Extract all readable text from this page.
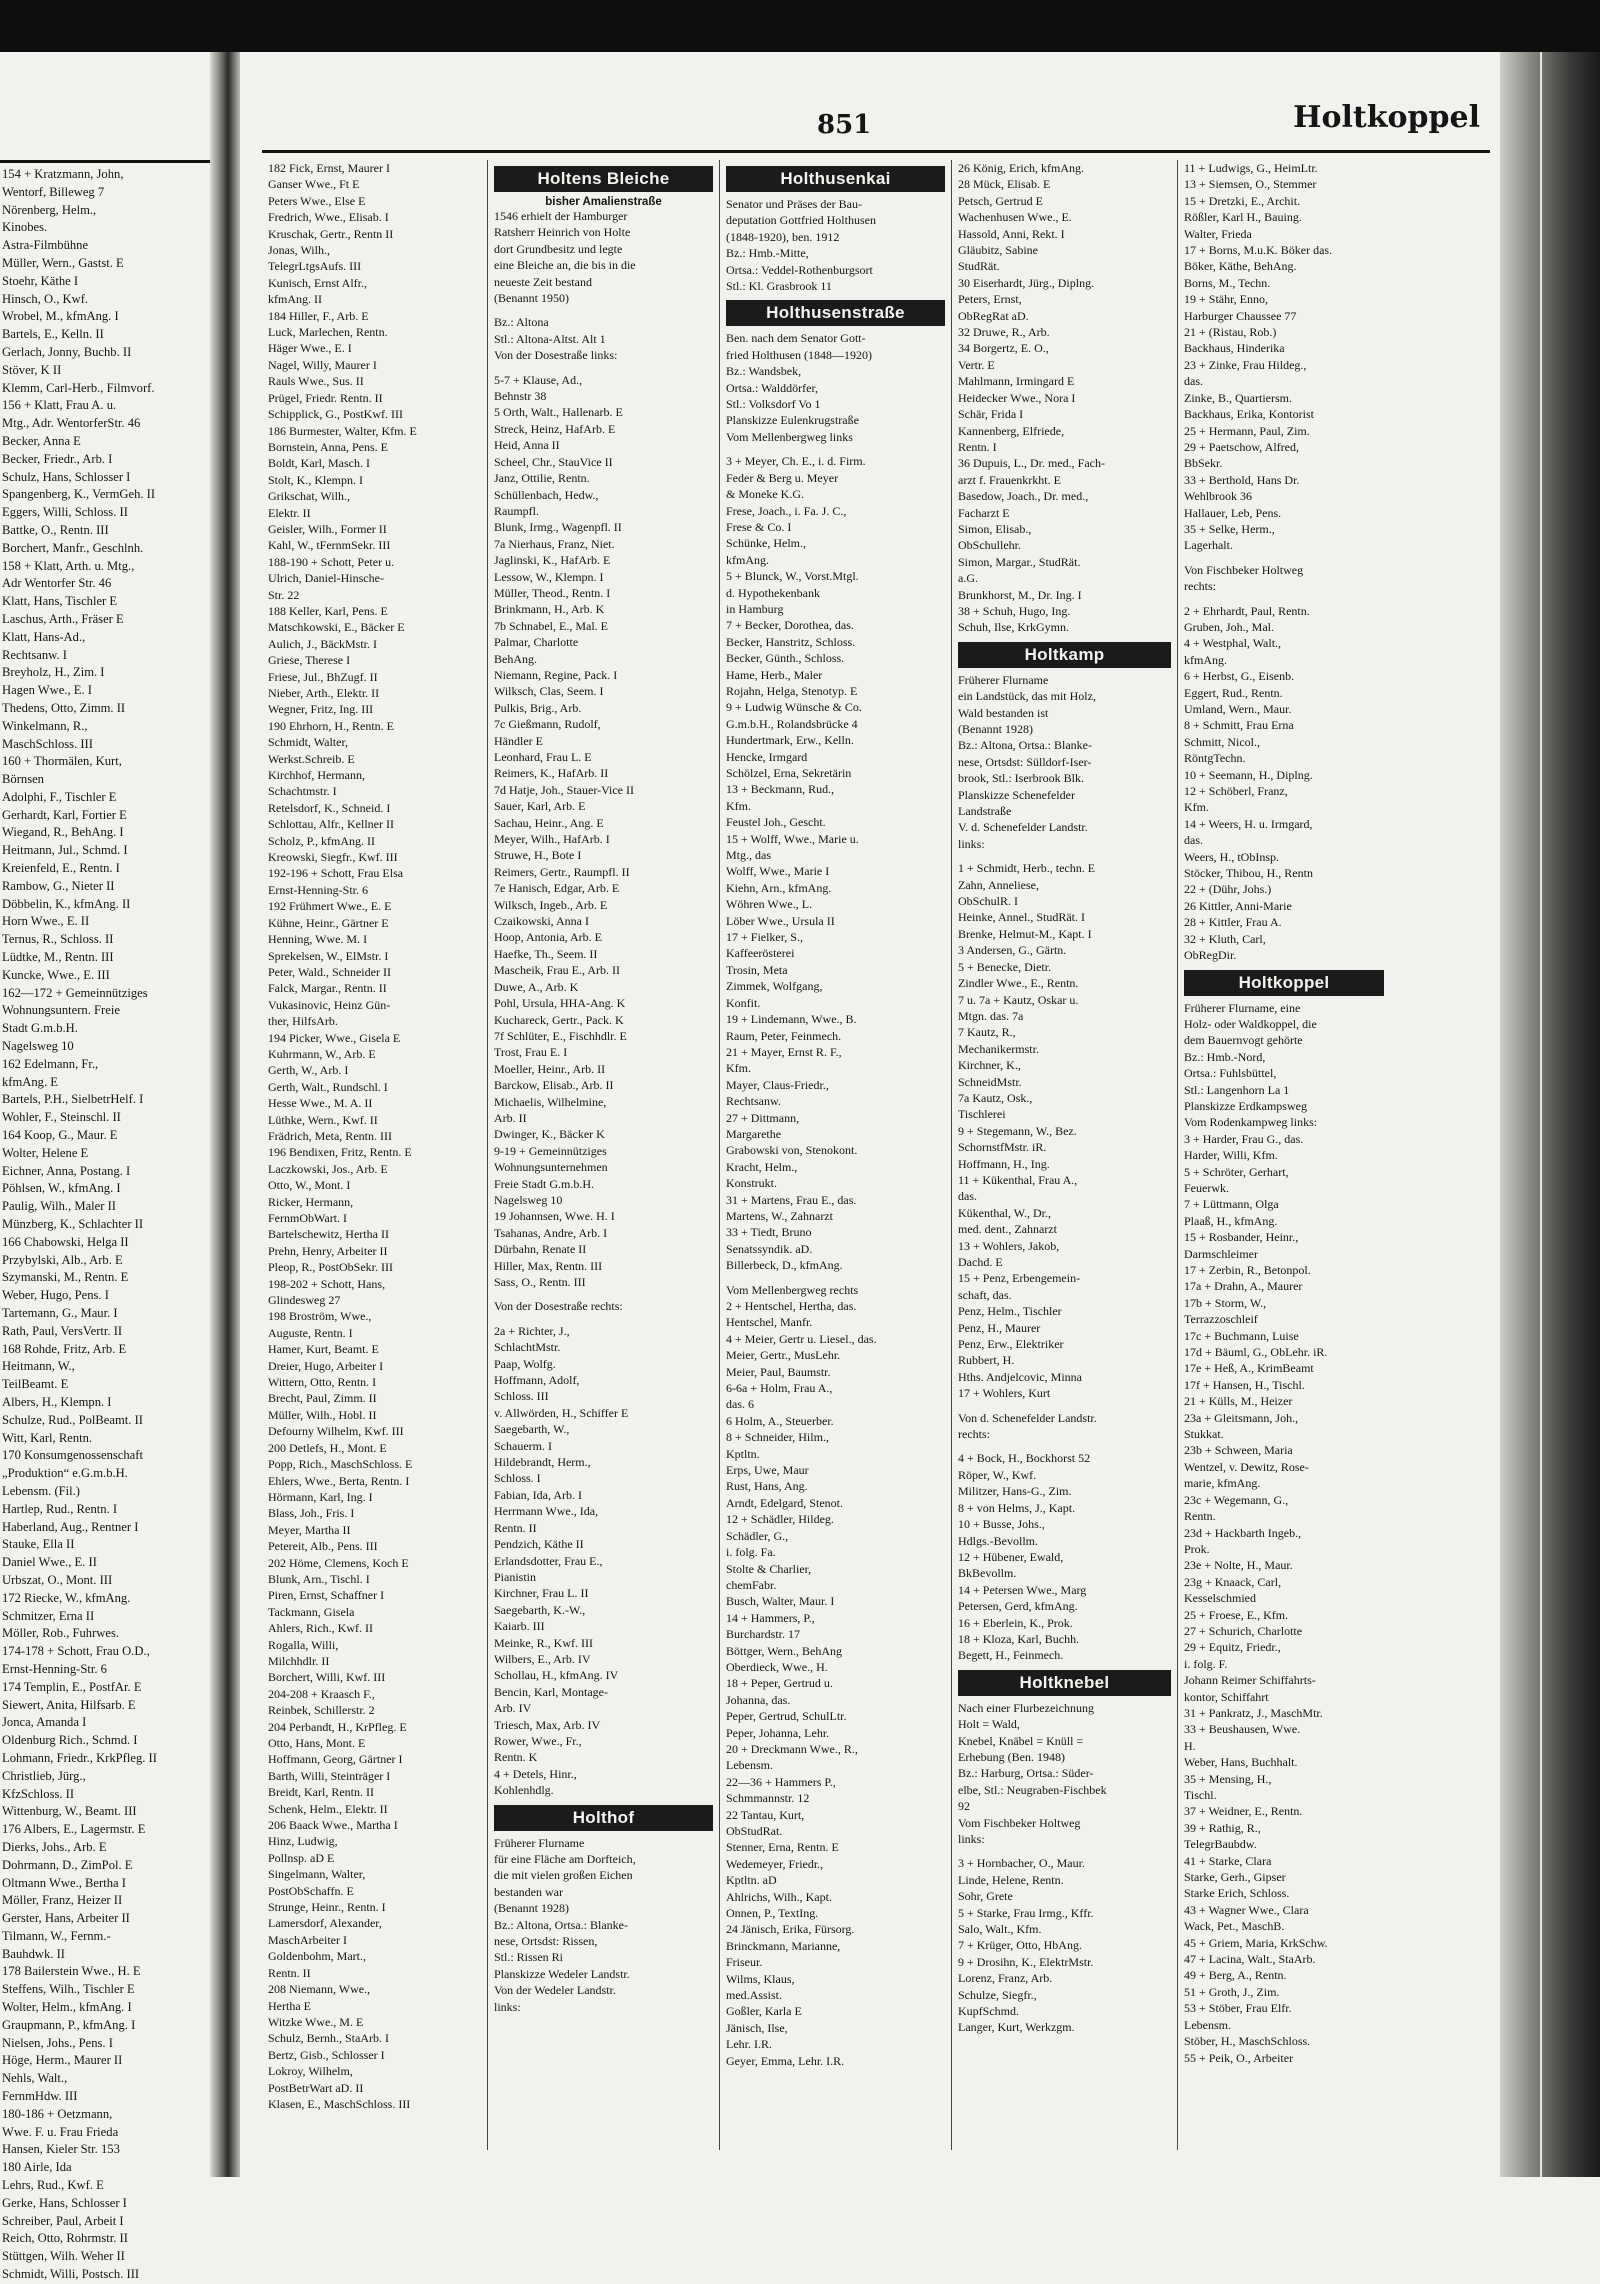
154 + Kratzmann, John,
Wentorf, Billeweg 7
Nörenberg, Helm.,
Kinobes.
Astra-Filmbühne
Müller, Wern., Gastst. E
Stoehr, Käthe I
Hinsch, O., Kwf.
Wrobel, M., kfmAng. I
Bartels, E., Kelln. II
Gerlach, Jonny, Buchb. II
Stöver, K II
Klemm, Carl-Herb., Filmvorf.
156 + Klatt, Frau A. u.
Mtg., Adr. WentorferStr. 46
Becker, Anna E
Becker, Friedr., Arb. I
Schulz, Hans, Schlosser I
Spangenberg, K., VermGeh. II
Eggers, Willi, Schloss. II
Battke, O., Rentn. III
Borchert, Manfr., Geschlnh.
158 + Klatt, Arth. u. Mtg.,
Adr Wentorfer Str. 46
Klatt, Hans, Tischler E
Laschus, Arth., Fräser E
Klatt, Hans-Ad.,
Rechtsanw. I
Breyholz, H., Zim. I
Hagen Wwe., E. I
Thedens, Otto, Zimm. II
Winkelmann, R.,
MaschSchloss. III
160 + Thormälen, Kurt,
Börnsen
Adolphi, F., Tischler E
Gerhardt, Karl, Fortier E
Wiegand, R., BehAng. I
Heitmann, Jul., Schmd. I
Kreienfeld, E., Rentn. I
Rambow, G., Nieter II
Döbbelin, K., kfmAng. II
Horn Wwe., E. II
Ternus, R., Schloss. II
Lüdtke, M., Rentn. III
Kuncke, Wwe., E. III
162—172 + Gemeinnütziges
Wohnungsuntern. Freie
Stadt G.m.b.H.
Nagelsweg 10
162 Edelmann, Fr.,
kfmAng. E
Bartels, P.H., SielbetrHelf. I
Wohler, F., Steinschl. II
164 Koop, G., Maur. E
Wolter, Helene E
Eichner, Anna, Postang. I
Pöhlsen, W., kfmAng. I
Paulig, Wilh., Maler II
Münzberg, K., Schlachter II
166 Chabowski, Helga II
Przybylski, Alb., Arb. E
Szymanski, M., Rentn. E
Weber, Hugo, Pens. I
Tartemann, G., Maur. I
Rath, Paul, VersVertr. II
168 Rohde, Fritz, Arb. E
Heitmann, W.,
TeilBeamt. E
Albers, H., Klempn. I
Schulze, Rud., PolBeamt. II
Witt, Karl, Rentn.
170 Konsumgenossenschaft
„Produktion“ e.G.m.b.H.
Lebensm. (Fil.)
Hartlep, Rud., Rentn. I
Haberland, Aug., Rentner I
Stauke, Ella II
Daniel Wwe., E. II
Urbszat, O., Mont. III
172 Riecke, W., kfmAng.
Schmitzer, Erna II
Möller, Rob., Fuhrwes.
174-178 + Schott, Frau O.D.,
Ernst-Henning-Str. 6
174 Templin, E., PostfAr. E
Siewert, Anita, Hilfsarb. E
Jonca, Amanda I
Oldenburg Rich., Schmd. I
Lohmann, Friedr., KrkPfleg. II
Christlieb, Jürg.,
KfzSchloss. II
Wittenburg, W., Beamt. III
176 Albers, E., Lagermstr. E
Dierks, Johs., Arb. E
Dohrmann, D., ZimPol. E
Oltmann Wwe., Bertha I
Möller, Franz, Heizer II
Gerster, Hans, Arbeiter II
Tilmann, W., Fernm.-
Bauhdwk. II
178 Bailerstein Wwe., H. E
Steffens, Wilh., Tischler E
Wolter, Helm., kfmAng. I
Graupmann, P., kfmAng. I
Nielsen, Johs., Pens. I
Höge, Herm., Maurer II
Nehls, Walt.,
FernmHdw. III
180-186 + Oetzmann,
Wwe. F. u. Frau Frieda
Hansen, Kieler Str. 153
180 Airle, Ida
Lehrs, Rud., Kwf. E
Gerke, Hans, Schlosser I
Schreiber, Paul, Arbeit I
Reich, Otto, Rohrmstr. II
Stüttgen, Wilh. Weher II
Schmidt, Willi, Postsch. III
851	Holtkoppel
182 Fick, Ernst, Maurer I
Ganser Wwe., Ft E
Peters Wwe., Else E
Fredrich, Wwe., Elisab. I
Kruschak, Gertr., Rentn II
Jonas, Wilh.,
TelegrLtgsAufs. III
Kunisch, Ernst Alfr.,
kfmAng. II
184 Hiller, F., Arb. E
Luck, Marlechen, Rentn.
Häger Wwe., E. I
Nagel, Willy, Maurer I
Rauls Wwe., Sus. II
Prügel, Friedr. Rentn. II
Schipplick, G., PostKwf. III
186 Burmester, Walter, Kfm. E
Bornstein, Anna, Pens. E
Boldt, Karl, Masch. I
Stolt, K., Klempn. I
Grikschat, Wilh.,
Elektr. II
Geisler, Wilh., Former II
Kahl, W., tFernmSekr. III
188-190 + Schott, Peter u.
Ulrich, Daniel-Hinsche-
Str. 22
188 Keller, Karl, Pens. E
Matschkowski, E., Bäcker E
Aulich, J., BäckMstr. I
Griese, Therese I
Friese, Jul., BhZugf. II
Nieber, Arth., Elektr. II
Wegner, Fritz, Ing. III
190 Ehrhorn, H., Rentn. E
Schmidt, Walter,
Werkst.Schreib. E
Kirchhof, Hermann,
Schachtmstr. I
Retelsdorf, K., Schneid. I
Schlottau, Alfr., Kellner II
Scholz, P., kfmAng. II
Kreowski, Siegfr., Kwf. III
192-196 + Schott, Frau Elsa
Ernst-Henning-Str. 6
192 Frühmert Wwe., E. E
Kühne, Heinr., Gärtner E
Henning, Wwe. M. I
Sprekelsen, W., ElMstr. I
Peter, Wald., Schneider II
Falck, Margar., Rentn. II
Vukasinovic, Heinz Gün-
ther, HilfsArb.
194 Picker, Wwe., Gisela E
Kuhrmann, W., Arb. E
Gerth, W., Arb. I
Gerth, Walt., Rundschl. I
Hesse Wwe., M. A. II
Lüthke, Wern., Kwf. II
Frädrich, Meta, Rentn. III
196 Bendixen, Fritz, Rentn. E
Laczkowski, Jos., Arb. E
Otto, W., Mont. I
Ricker, Hermann,
FernmObWart. I
Bartelschewitz, Hertha II
Prehn, Henry, Arbeiter II
Pleop, R., PostObSekr. III
198-202 + Schott, Hans,
Glindesweg 27
198 Broström, Wwe.,
Auguste, Rentn. I
Hamer, Kurt, Beamt. E
Dreier, Hugo, Arbeiter I
Wittern, Otto, Rentn. I
Brecht, Paul, Zimm. II
Müller, Wilh., Hobl. II
Defourny Wilhelm, Kwf. III
200 Detlefs, H., Mont. E
Popp, Rich., MaschSchloss. E
Ehlers, Wwe., Berta, Rentn. I
Hörmann, Karl, Ing. I
Blass, Joh., Fris. I
Meyer, Martha II
Petereit, Alb., Pens. III
202 Höme, Clemens, Koch E
Blunk, Arn., Tischl. I
Piren, Ernst, Schaffner I
Tackmann, Gisela
Ahlers, Rich., Kwf. II
Rogalla, Willi,
Milchhdlr. II
Borchert, Willi, Kwf. III
204-208 + Kraasch F.,
Reinbek, Schillerstr. 2
204 Perbandt, H., KrPfleg. E
Otto, Hans, Mont. E
Hoffmann, Georg, Gärtner I
Barth, Willi, Steinträger I
Breidt, Karl, Rentn. II
Schenk, Helm., Elektr. II
206 Baack Wwe., Martha I
Hinz, Ludwig,
Pollnsp. aD E
Singelmann, Walter,
PostObSchaffn. E
Strunge, Heinr., Rentn. I
Lamersdorf, Alexander,
MaschArbeiter I
Goldenbohm, Mart.,
Rentn. II
208 Niemann, Wwe.,
Hertha E
Witzke Wwe., M. E
Schulz, Bernh., StaArb. I
Bertz, Gisb., Schlosser I
Lokroy, Wilhelm,
PostBetrWart aD. II
Klasen, E., MaschSchloss. III
Holtens Bleiche
bisher Amalienstraße
1546 erhielt der Hamburger
Ratsherr Heinrich von Holte
dort Grundbesitz und legte
eine Bleiche an, die bis in die
neueste Zeit bestand
(Benannt 1950)

Bz.: Altona
Stl.: Altona-Altst. Alt 1
Von der Dosestraße links:

5-7 + Klause, Ad.,
Behnstr 38
5 Orth, Walt., Hallenarb. E
Streck, Heinz, HafArb. E
Heid, Anna II
Scheel, Chr., StauVice II
Janz, Ottilie, Rentn.
Schüllenbach, Hedw.,
Raumpfl.
Blunk, Irmg., Wagenpfl. II
7a Nierhaus, Franz, Niet.
Jaglinski, K., HafArb. E
Lessow, W., Klempn. I
Müller, Theod., Rentn. I
Brinkmann, H., Arb. K
7b Schnabel, E., Mal. E
Palmar, Charlotte
BehAng.
Niemann, Regine, Pack. I
Wilksch, Clas, Seem. I
Pulkis, Brig., Arb.
7c Gießmann, Rudolf,
Händler E
Leonhard, Frau L. E
Reimers, K., HafArb. II
7d Hatje, Joh., Stauer-Vice II
Sauer, Karl, Arb. E
Sachau, Heinr., Ang. E
Meyer, Wilh., HafArb. I
Struwe, H., Bote I
Reimers, Gertr., Raumpfl. II
7e Hanisch, Edgar, Arb. E
Wilksch, Ingeb., Arb. E
Czaikowski, Anna I
Hoop, Antonia, Arb. E
Haefke, Th., Seem. II
Mascheik, Frau E., Arb. II
Duwe, A., Arb. K
Pohl, Ursula, HHA-Ang. K
Kuchareck, Gertr., Pack. K
7f Schlüter, E., Fischhdlr. E
Trost, Frau E. I
Moeller, Heinr., Arb. II
Barckow, Elisab., Arb. II
Michaelis, Wilhelmine,
Arb. II
Dwinger, K., Bäcker K
9-19 + Gemeinnütziges
Wohnungsunternehmen
Freie Stadt G.m.b.H.
Nagelsweg 10
19 Johannsen, Wwe. H. I
Tsahanas, Andre, Arb. I
Dürbahn, Renate II
Hiller, Max, Rentn. III
Sass, O., Rentn. III

Von der Dosestraße rechts:

2a + Richter, J.,
SchlachtMstr.
Paap, Wolfg.
Hoffmann, Adolf,
Schloss. III
v. Allwörden, H., Schiffer E
Saegebarth, W.,
Schauerm. I
Hildebrandt, Herm.,
Schloss. I
Fabian, Ida, Arb. I
Herrmann Wwe., Ida,
Rentn. II
Pendzich, Käthe II
Erlandsdotter, Frau E.,
Pianistin
Kirchner, Frau L. II
Saegebarth, K.-W.,
Kaiarb. III
Meinke, R., Kwf. III
Wilbers, E., Arb. IV
Schollau, H., kfmAng. IV
Bencin, Karl, Montage-
Arb. IV
Triesch, Max, Arb. IV
Rower, Wwe., Fr.,
Rentn. K
4 + Detels, Hinr.,
Kohlenhdlg.
Holthof
Früherer Flurname
für eine Fläche am Dorfteich,
die mit vielen großen Eichen
bestanden war
(Benannt 1928)
Bz.: Altona, Ortsa.: Blanke-
nese, Ortsdst: Rissen,
Stl.: Rissen Ri
Planskizze Wedeler Landstr.
Von der Wedeler Landstr.
links:
Holthusenkai
Senator und Präses der Bau-
deputation Gottfried Holthusen
(1848-1920), ben. 1912
Bz.: Hmb.-Mitte,
Ortsa.: Veddel-Rothenburgsort
Stl.: Kl. Grasbrook 11
Holthusenstraße
Ben. nach dem Senator Gott-
fried Holthusen (1848—1920)
Bz.: Wandsbek,
Ortsa.: Walddörfer,
Stl.: Volksdorf Vo 1
Planskizze Eulenkrugstraße
Vom Mellenbergweg links

3 + Meyer, Ch. E., i. d. Firm.
Feder & Berg u. Meyer
& Moneke K.G.
Frese, Joach., i. Fa. J. C.,
Frese & Co. I
Schünke, Helm.,
kfmAng.
5 + Blunck, W., Vorst.Mtgl.
d. Hypothekenbank
in Hamburg
7 + Becker, Dorothea, das.
Becker, Hanstritz, Schloss.
Becker, Günth., Schloss.
Hame, Herb., Maler
Rojahn, Helga, Stenotyp. E
9 + Ludwig Wünsche & Co.
G.m.b.H., Rolandsbrücke 4
Hundertmark, Erw., Kelln.
Hencke, Irmgard
Schölzel, Erna, Sekretärin
13 + Beckmann, Rud.,
Kfm.
Feustel Joh., Gescht.
15 + Wolff, Wwe., Marie u.
Mtg., das
Wolff, Wwe., Marie I
Kiehn, Arn., kfmAng.
Wöhren Wwe., L.
Löber Wwe., Ursula II
17 + Fielker, S.,
Kaffeerösterei
Trosin, Meta
Zimmek, Wolfgang,
Konfit.
19 + Lindemann, Wwe., B.
Raum, Peter, Feinmech.
21 + Mayer, Ernst R. F.,
Kfm.
Mayer, Claus-Friedr.,
Rechtsanw.
27 + Dittmann,
Margarethe
Grabowski von, Stenokont.
Kracht, Helm.,
Konstrukt.
31 + Martens, Frau E., das.
Martens, W., Zahnarzt
33 + Tiedt, Bruno
Senatssyndik. aD.
Billerbeck, D., kfmAng.

Vom Mellenbergweg rechts
2 + Hentschel, Hertha, das.
Hentschel, Manfr.
4 + Meier, Gertr u. Liesel., das.
Meier, Gertr., MusLehr.
Meier, Paul, Baumstr.
6-6a + Holm, Frau A.,
das. 6
6 Holm, A., Steuerber.
8 + Schneider, Hilm.,
Kptltn.
Erps, Uwe, Maur
Rust, Hans, Ang.
Arndt, Edelgard, Stenot.
12 + Schädler, Hildeg.
Schädler, G.,
i. folg. Fa.
Stolte & Charlier,
chemFabr.
Busch, Walter, Maur. I
14 + Hammers, P.,
Burchardstr. 17
Böttger, Wern., BehAng
Oberdieck, Wwe., H.
18 + Peper, Gertrud u.
Johanna, das.
Peper, Gertrud, SchulLtr.
Peper, Johanna, Lehr.
20 + Dreckmann Wwe., R.,
Lebensm.
22—36 + Hammers P.,
Schmmannstr. 12
22 Tantau, Kurt,
ObStudRat.
Stenner, Erna, Rentn. E
Wedemeyer, Friedr.,
Kptltn. aD
Ahlrichs, Wilh., Kapt.
Onnen, P., TextIng.
24 Jänisch, Erika, Fürsorg.
Brinckmann, Marianne,
Friseur.
Wilms, Klaus,
med.Assist.
Goßler, Karla E
Jänisch, Ilse,
Lehr. I.R.
Geyer, Emma, Lehr. I.R.
26 König, Erich, kfmAng.
28 Mück, Elisab. E
Petsch, Gertrud E
Wachenhusen Wwe., E.
Hassold, Anni, Rekt. I
Gläubitz, Sabine
StudRät.
30 Eiserhardt, Jürg., Diplng.
Peters, Ernst,
ObRegRat aD.
32 Druwe, R., Arb.
34 Borgertz, E. O.,
Vertr. E
Mahlmann, Irmingard E
Heidecker Wwe., Nora I
Schär, Frida I
Kannenberg, Elfriede,
Rentn. I
36 Dupuis, L., Dr. med., Fach-
arzt f. Frauenkrkht. E
Basedow, Joach., Dr. med.,
Facharzt E
Simon, Elisab.,
ObSchullehr.
Simon, Margar., StudRät.
a.G.
Brunkhorst, M., Dr. Ing. I
38 + Schuh, Hugo, Ing.
Schuh, Ilse, KrkGymn.
Holtkamp
Früherer Flurname
ein Landstück, das mit Holz,
Wald bestanden ist
(Benannt 1928)
Bz.: Altona, Ortsa.: Blanke-
nese, Ortsdst: Sülldorf-Iser-
brook, Stl.: Iserbrook Blk.
Planskizze Schenefelder
Landstraße
V. d. Schenefelder Landstr.
links:

1 + Schmidt, Herb., techn. E
Zahn, Anneliese,
ObSchulR. I
Heinke, Annel., StudRät. I
Brenke, Helmut-M., Kapt. I
3 Andersen, G., Gärtn.
5 + Benecke, Dietr.
Zindler Wwe., E., Rentn.
7 u. 7a + Kautz, Oskar u.
Mtgn. das. 7a
7 Kautz, R.,
Mechanikermstr.
Kirchner, K.,
SchneidMstr.
7a Kautz, Osk.,
Tischlerei
9 + Stegemann, W., Bez.
SchornstfMstr. iR.
Hoffmann, H., Ing.
11 + Kükenthal, Frau A.,
das.
Kükenthal, W., Dr.,
med. dent., Zahnarzt
13 + Wohlers, Jakob,
Dachd. E
15 + Penz, Erbengemein-
schaft, das.
Penz, Helm., Tischler
Penz, H., Maurer
Penz, Erw., Elektriker
Rubbert, H.
Hths. Andjelcovic, Minna
17 + Wohlers, Kurt

Von d. Schenefelder Landstr.
rechts:

4 + Bock, H., Bockhorst 52
Röper, W., Kwf.
Militzer, Hans-G., Zim.
8 + von Helms, J., Kapt.
10 + Busse, Johs.,
Hdlgs.-Bevollm.
12 + Hübener, Ewald,
BkBevollm.
14 + Petersen Wwe., Marg
Petersen, Gerd, kfmAng.
16 + Eberlein, K., Prok.
18 + Kloza, Karl, Buchh.
Begett, H., Feinmech.
Holtknebel
Nach einer Flurbezeichnung
Holt = Wald,
Knebel, Knäbel = Knüll =
Erhebung (Ben. 1948)
Bz.: Harburg, Ortsa.: Süder-
elbe, Stl.: Neugraben-Fischbek
92
Vom Fischbeker Holtweg
links:

3 + Hornbacher, O., Maur.
Linde, Helene, Rentn.
Sohr, Grete
5 + Starke, Frau Irmg., Kffr.
Salo, Walt., Kfm.
7 + Krüger, Otto, HbAng.
9 + Drosihn, K., ElektrMstr.
Lorenz, Franz, Arb.
Schulze, Siegfr.,
KupfSchmd.
Langer, Kurt, Werkzgm.
11 + Ludwigs, G., HeimLtr.
13 + Siemsen, O., Stemmer
15 + Dretzki, E., Archit.
Rößler, Karl H., Bauing.
Walter, Frieda
17 + Borns, M.u.K. Böker das.
Böker, Käthe, BehAng.
Borns, M., Techn.
19 + Stähr, Enno,
Harburger Chaussee 77
21 + (Ristau, Rob.)
Backhaus, Hinderika
23 + Zinke, Frau Hildeg.,
das.
Zinke, B., Quartiersm.
Backhaus, Erika, Kontorist
25 + Hermann, Paul, Zim.
29 + Paetschow, Alfred,
BbSekr.
33 + Berthold, Hans Dr.
Wehlbrook 36
Hallauer, Leb, Pens.
35 + Selke, Herm.,
Lagerhalt.

Von Fischbeker Holtweg
rechts:

2 + Ehrhardt, Paul, Rentn.
Gruben, Joh., Mal.
4 + Westphal, Walt.,
kfmAng.
6 + Herbst, G., Eisenb.
Eggert, Rud., Rentn.
Umland, Wern., Maur.
8 + Schmitt, Frau Erna
Schmitt, Nicol.,
RöntgTechn.
10 + Seemann, H., Diplng.
12 + Schöberl, Franz,
Kfm.
14 + Weers, H. u. Irmgard,
das.
Weers, H., tObInsp.
Stöcker, Thibou, H., Rentn
22 + (Dühr, Johs.)
26 Kittler, Anni-Marie
28 + Kittler, Frau A.
32 + Kluth, Carl,
ObRegDir.
Holtkoppel
Früherer Flurname, eine
Holz- oder Waldkoppel, die
dem Bauernvogt gehörte
Bz.: Hmb.-Nord,
Ortsa.: Fuhlsbüttel,
Stl.: Langenhorn La 1
Planskizze Erdkampsweg
Vom Rodenkampweg links:
3 + Harder, Frau G., das.
Harder, Willi, Kfm.
5 + Schröter, Gerhart,
Feuerwk.
7 + Lüttmann, Olga
Plaaß, H., kfmAng.
15 + Rosbander, Heinr.,
Darmschleimer
17 + Zerbin, R., Betonpol.
17a + Drahn, A., Maurer
17b + Storm, W.,
Terrazzoschleif
17c + Buchmann, Luise
17d + Bäuml, G., ObLehr. iR.
17e + Heß, A., KrimBeamt
17f + Hansen, H., Tischl.
21 + Külls, M., Heizer
23a + Gleitsmann, Joh.,
Stukkat.
23b + Schween, Maria
Wentzel, v. Dewitz, Rose-
marie, kfmAng.
23c + Wegemann, G.,
Rentn.
23d + Hackbarth Ingeb.,
Prok.
23e + Nolte, H., Maur.
23g + Knaack, Carl,
Kesselschmied
25 + Froese, E., Kfm.
27 + Schurich, Charlotte
29 + Equitz, Friedr.,
i. folg. F.
Johann Reimer Schiffahrts-
kontor, Schiffahrt
31 + Pankratz, J., MaschMtr.
33 + Beushausen, Wwe.
H.
Weber, Hans, Buchhalt.
35 + Mensing, H.,
Tischl.
37 + Weidner, E., Rentn.
39 + Rathig, R.,
TelegrBaubdw.
41 + Starke, Clara
Starke, Gerh., Gipser
Starke Erich, Schloss.
43 + Wagner Wwe., Clara
Wack, Pet., MaschB.
45 + Griem, Maria, KrkSchw.
47 + Lacina, Walt., StaArb.
49 + Berg, A., Rentn.
51 + Groth, J., Zim.
53 + Stöber, Frau Elfr.
Lebensm.
Stöber, H., MaschSchloss.
55 + Peik, O., Arbeiter
